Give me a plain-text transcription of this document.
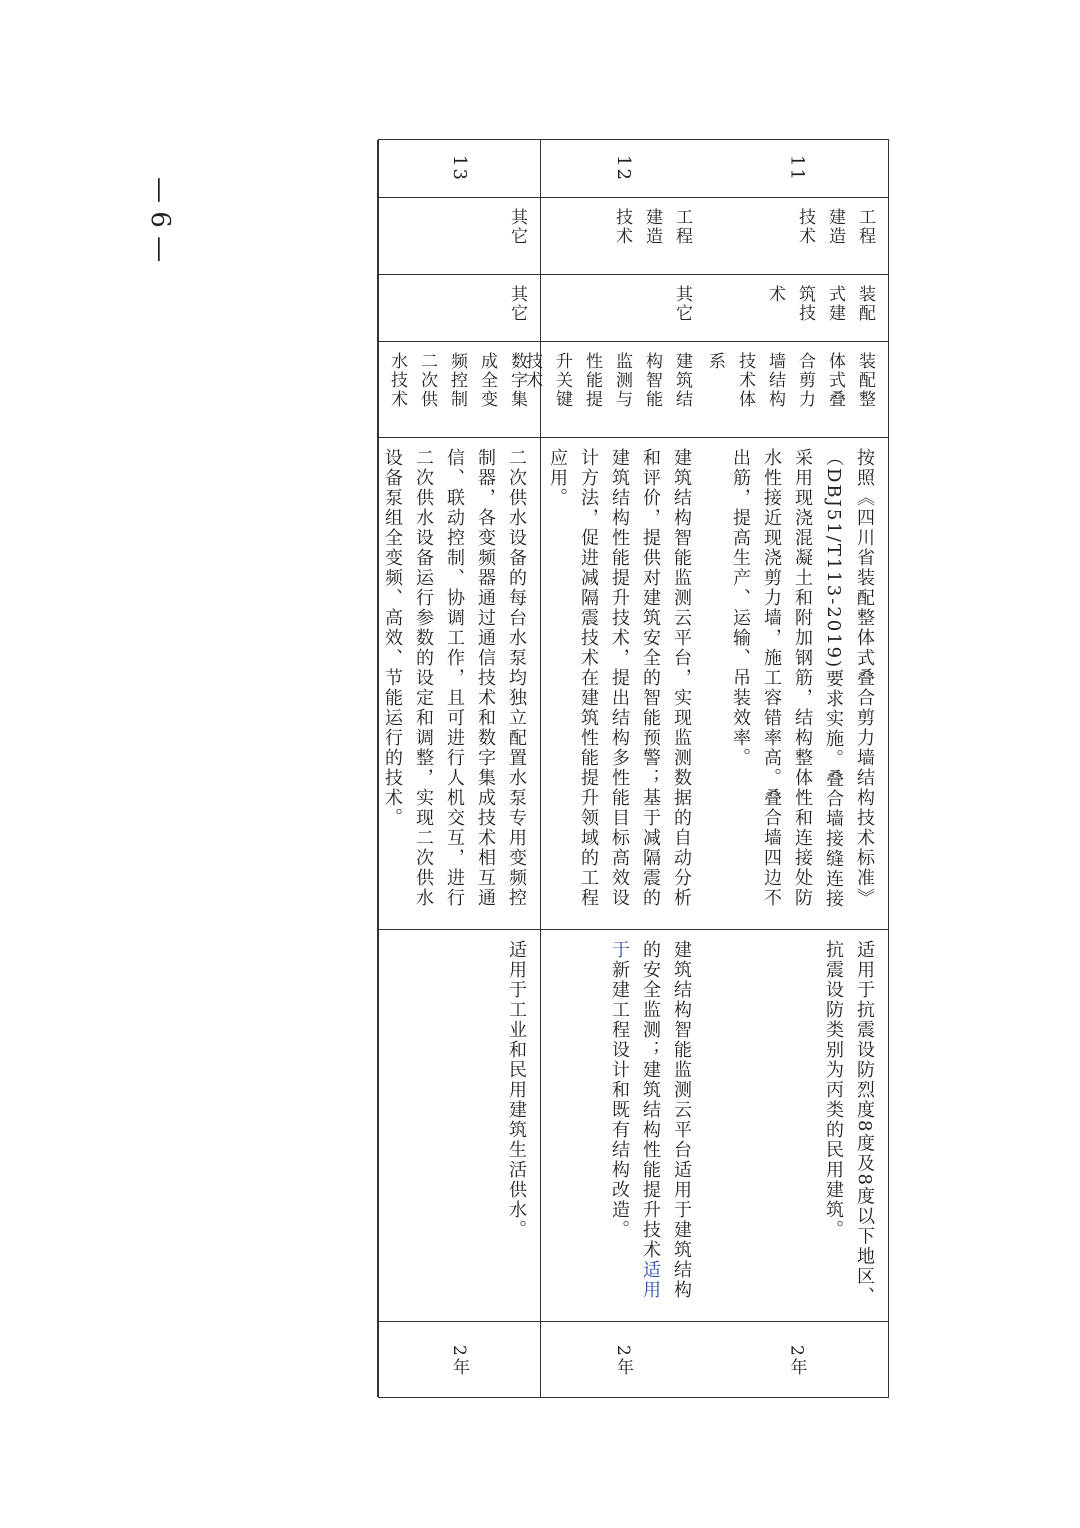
— 6 —
11
工程建造技术
装配式建筑技术
装配整体式叠合剪力墙结构技术体系
按照《四川省装配整体式叠合剪力墙结构技术标准》（DBJ51/T113-2019)要求实施。叠合墙接缝连接采用现浇混凝土和附加钢筋，结构整体性和连接处防水性接近现浇剪力墙，施工容错率高。叠合墙四边不出筋，提高生产、运输、吊装效率。
适用于抗震设防烈度8度及8度以下地区、抗震设防类别为丙类的民用建筑。
2年
12
工程建造技术
其它
建筑结构智能监测与性能提升关键技术
建筑结构智能监测云平台，实现监测数据的自动分析和评价，提供对建筑安全的智能预警；基于减隔震的建筑结构性能提升技术，提出结构多性能目标高效设计方法，促进减隔震技术在建筑性能提升领域的工程应用。
建筑结构智能监测云平台适用于建筑结构的安全监测；建筑结构性能提升技术适用于新建工程设计和既有结构改造。
2年
13
其它
其它
数字集成全变频控制二次供水技术
二次供水设备的每台水泵均独立配置水泵专用变频控制器，各变频器通过通信技术和数字集成技术相互通信、联动控制、协调工作，且可进行人机交互，进行二次供水设备运行参数的设定和调整，实现二次供水设备泵组全变频、高效、节能运行的技术。
适用于工业和民用建筑生活供水。
2年
